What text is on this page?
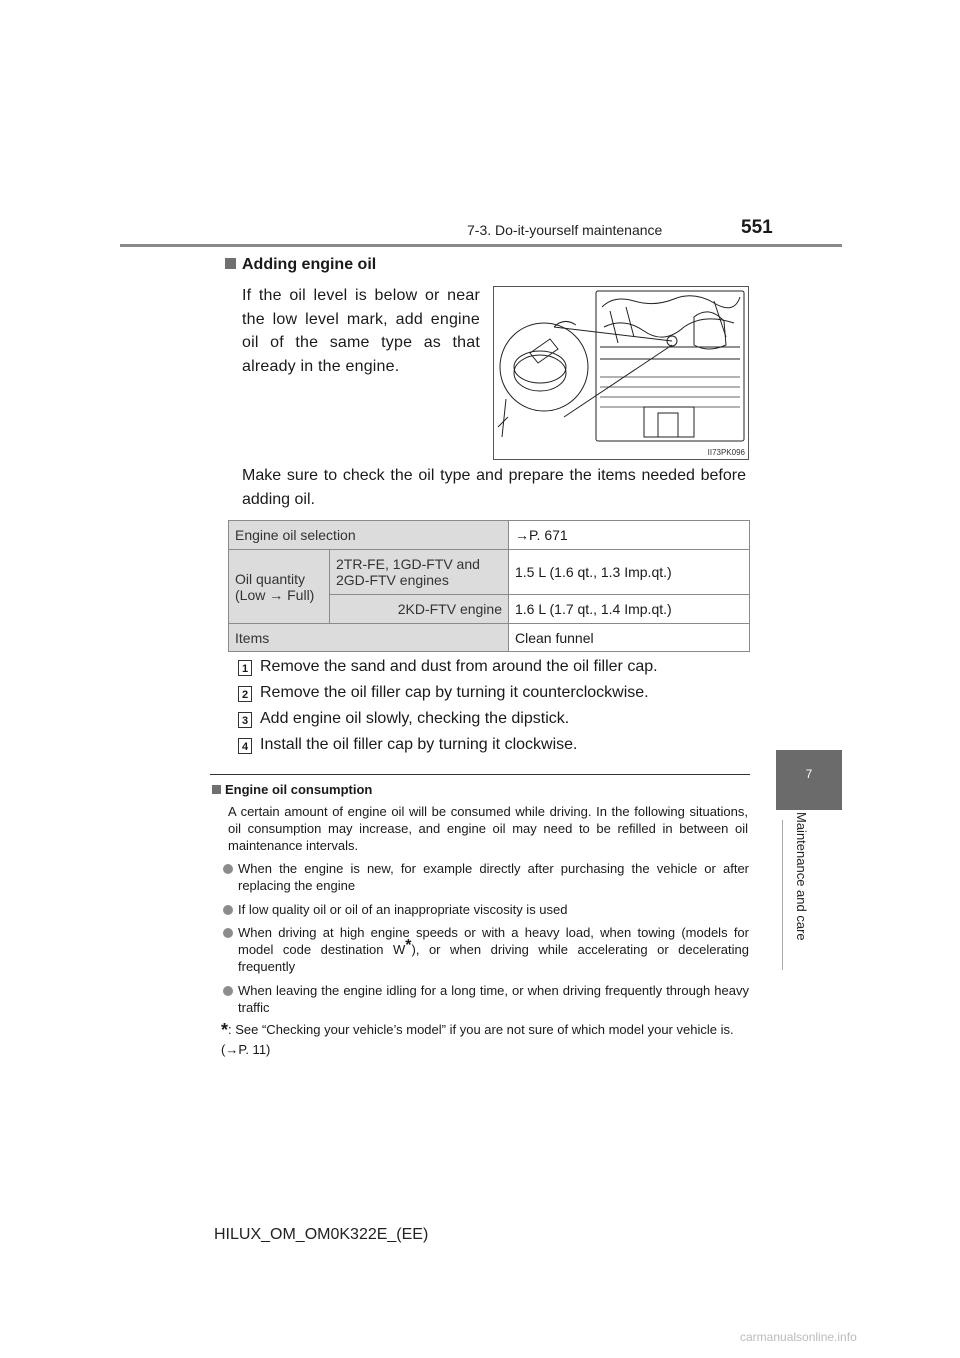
7-3. Do-it-yourself maintenance	551
7
Maintenance and care
Adding engine oil
If the oil level is below or near the low level mark, add engine oil of the same type as that already in the engine.
II73PK096
Make sure to check the oil type and prepare the items needed before adding oil.
Engine oil selection		→P. 671
Oil quantity
(Low → Full)	2TR-FE, 1GD-FTV and
2GD-FTV engines	1.5 L (1.6 qt., 1.3 Imp.qt.)
	2KD-FTV engine	1.6 L (1.7 qt., 1.4 Imp.qt.)
Items		Clean funnel
1 Remove the sand and dust from around the oil filler cap.
2 Remove the oil filler cap by turning it counterclockwise.
3 Add engine oil slowly, checking the dipstick.
4 Install the oil filler cap by turning it clockwise.
Engine oil consumption
A certain amount of engine oil will be consumed while driving. In the following situations, oil consumption may increase, and engine oil may need to be refilled in between oil maintenance intervals.
When the engine is new, for example directly after purchasing the vehicle or after replacing the engine
If low quality oil or oil of an inappropriate viscosity is used
When driving at high engine speeds or with a heavy load, when towing (models for model code destination W*), or when driving while accelerating or decelerating frequently
When leaving the engine idling for a long time, or when driving frequently through heavy traffic
*: See “Checking your vehicle’s model” if you are not sure of which model your vehicle is. (→P. 11)
HILUX_OM_OM0K322E_(EE)
carmanualsonline.info
